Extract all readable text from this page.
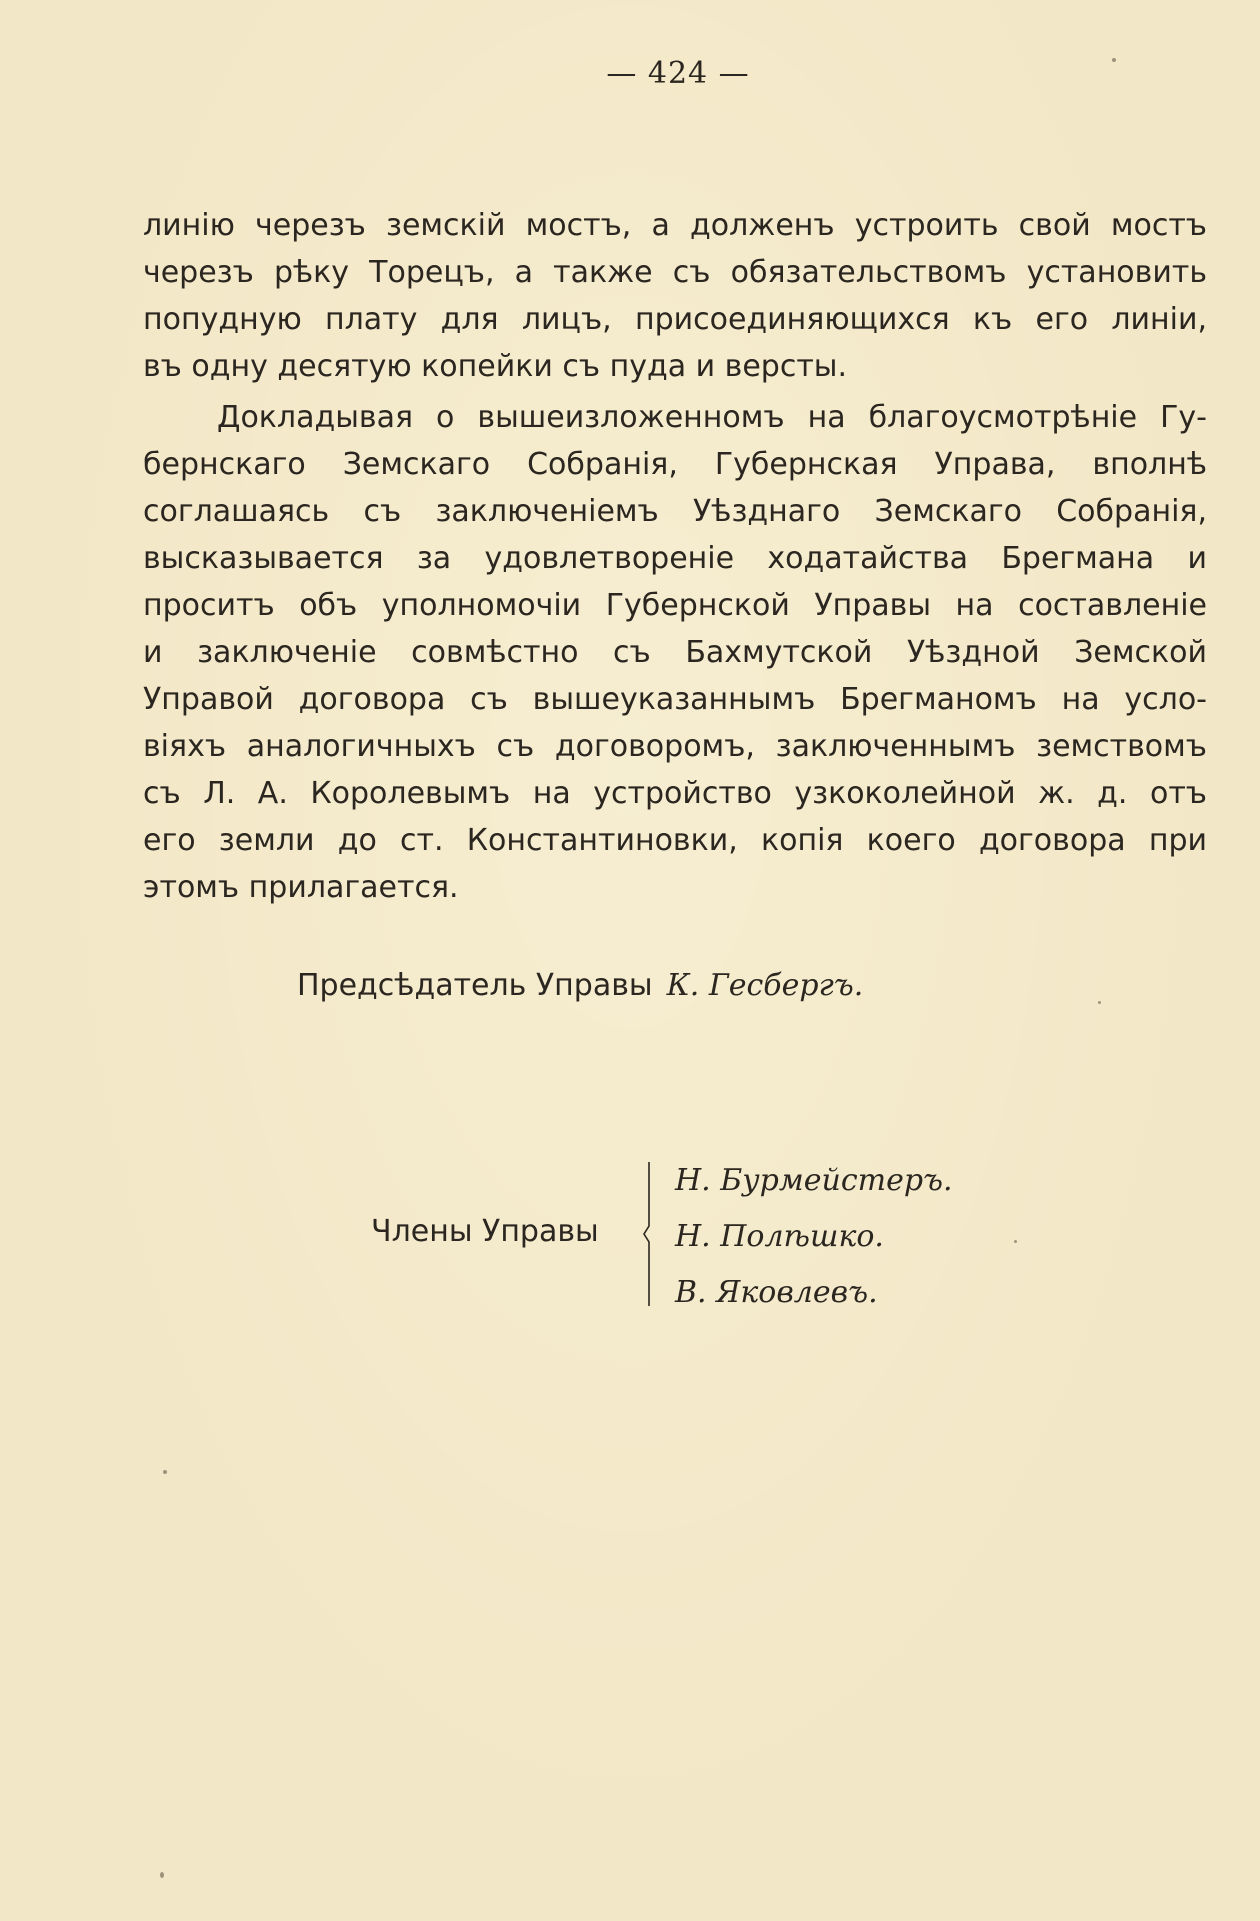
— 424 —
линію черезъ земскій мостъ, а долженъ устроить свой мостъ
черезъ рѣку Торецъ, а также съ обязательствомъ установить
попудную плату для лицъ, присоединяющихся къ его линіи,
въ одну десятую копейки съ пуда и версты.
Докладывая о вышеизложенномъ на благоусмотрѣніе Гу-
бернскаго Земскаго Собранія, Губернская Управа, вполнѣ
соглашаясь съ заключеніемъ Уѣзднаго Земскаго Собранія,
высказывается за удовлетвореніе ходатайства Брегмана и
проситъ объ уполномочіи Губернской Управы на составленіе
и заключеніе совмѣстно съ Бахмутской Уѣздной Земской
Управой договора съ вышеуказаннымъ Брегманомъ на усло-
віяхъ аналогичныхъ съ договоромъ, заключеннымъ земствомъ
съ Л. А. Королевымъ на устройство узкоколейной ж. д. отъ
его земли до ст. Константиновки, копія коего договора при
этомъ прилагается.
Предсѣдатель Управы К. Гесбергъ.
Члены Управы
Н. Бурмейстеръ.
Н. Полѣшко.
В. Яковлевъ.
